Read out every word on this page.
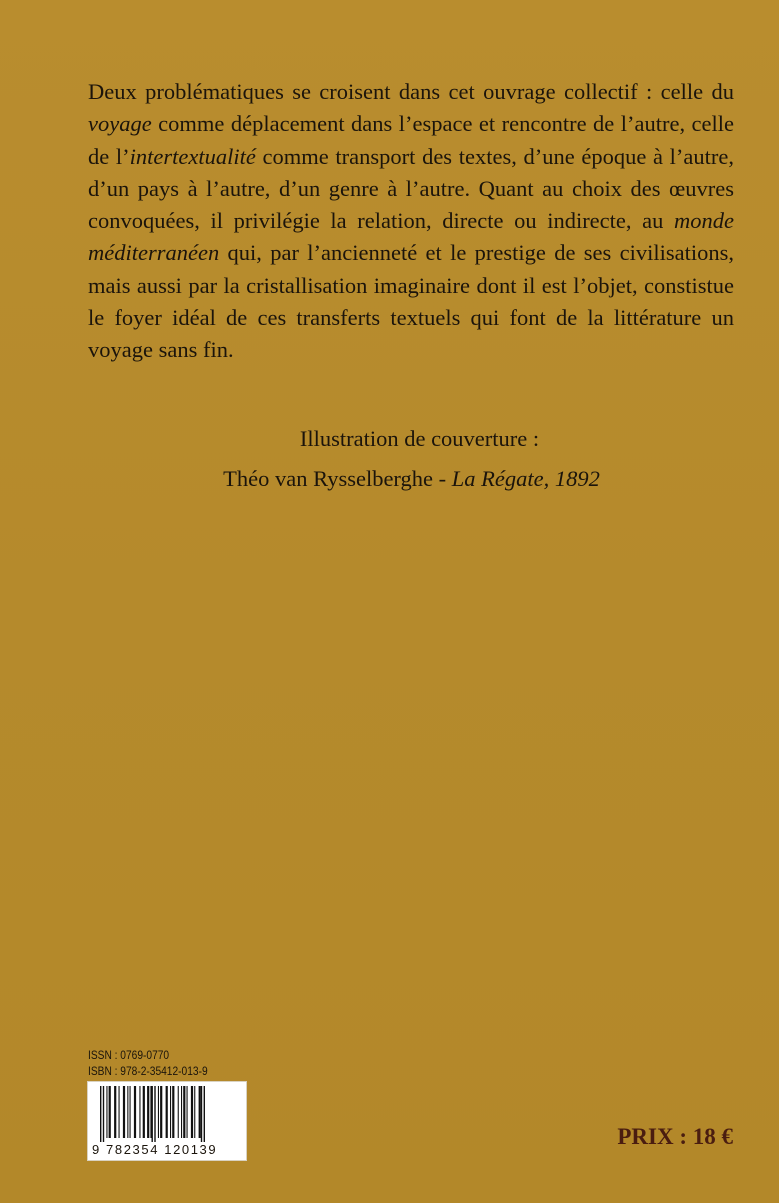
Deux problématiques se croisent dans cet ouvrage collectif : celle du voyage comme déplacement dans l’espace et rencontre de l’autre, celle de l’intertextualité comme transport des textes, d’une époque à l’autre, d’un pays à l’autre, d’un genre à l’autre. Quant au choix des œuvres convoquées, il privilégie la relation, directe ou indirecte, au monde méditerranéen qui, par l’ancienneté et le prestige de ses civilisations, mais aussi par la cristallisation imaginaire dont il est l’objet, constistue le foyer idéal de ces transferts textuels qui font de la littérature un voyage sans fin.

Illustration de couverture :
Théo van Rysselberghe - La Régate, 1892
ISSN : 0769-0770
ISBN : 978-2-35412-013-9
9 782354 120139
PRIX : 18 €
